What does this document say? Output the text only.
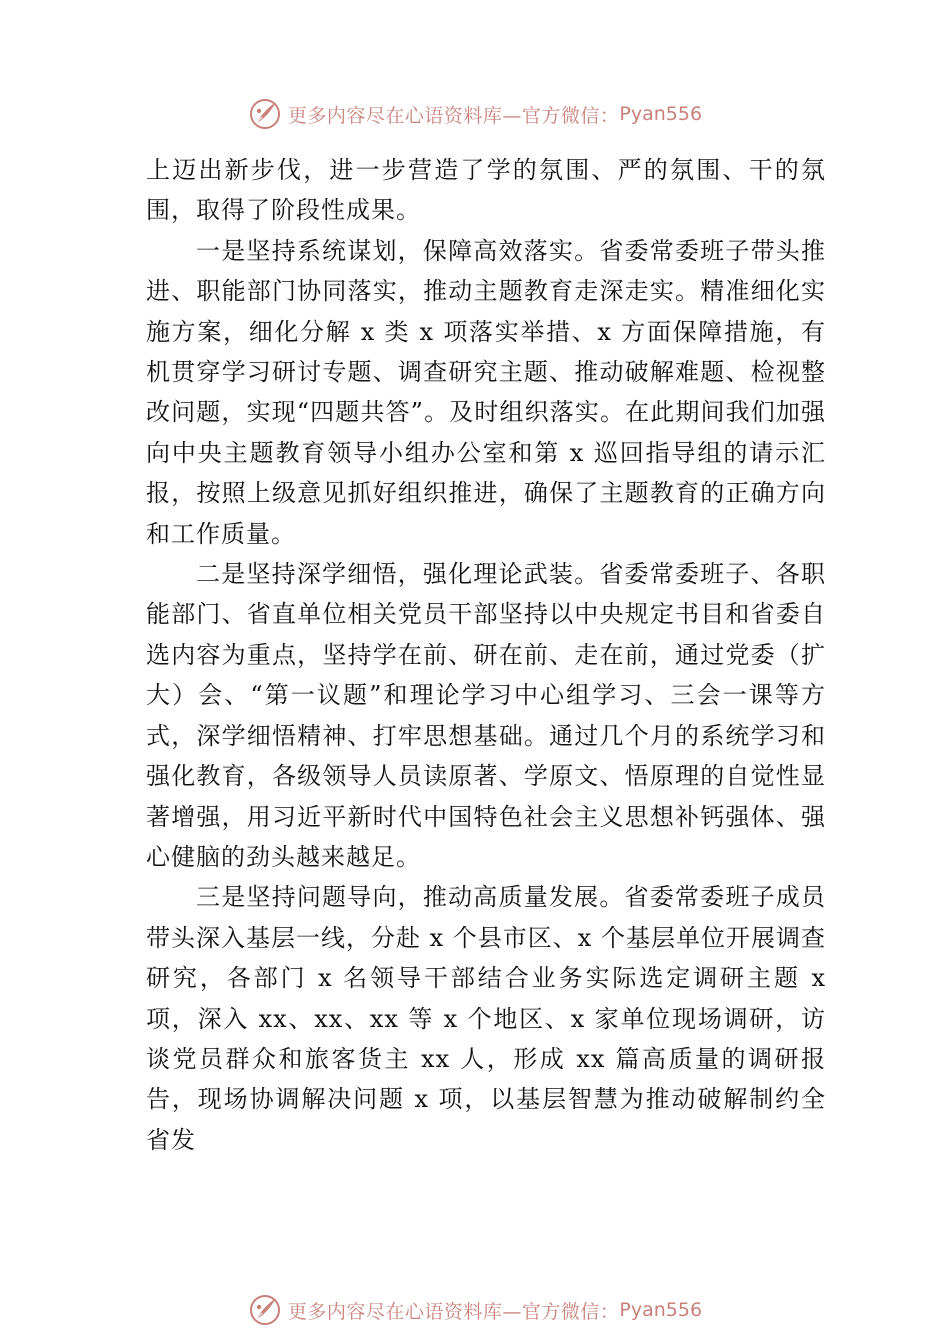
更多内容尽在心语资料库—官方微信： Pyan556

上迈出新步伐，进一步营造了学的氛围、严的氛围、干的氛围，取得了阶段性成果。

一是坚持系统谋划，保障高效落实。省委常委班子带头推进、职能部门协同落实，推动主题教育走深走实。精准细化实施方案，细化分解 x 类 x 项落实举措、x 方面保障措施，有机贯穿学习研讨专题、调查研究主题、推动破解难题、检视整改问题，实现“四题共答”。及时组织落实。在此期间我们加强向中央主题教育领导小组办公室和第 x 巡回指导组的请示汇报，按照上级意见抓好组织推进，确保了主题教育的正确方向和工作质量。

二是坚持深学细悟，强化理论武装。省委常委班子、各职能部门、省直单位相关党员干部坚持以中央规定书目和省委自选内容为重点，坚持学在前、研在前、走在前，通过党委（扩大）会、“第一议题”和理论学习中心组学习、三会一课等方式，深学细悟精神、打牢思想基础。通过几个月的系统学习和强化教育，各级领导人员读原著、学原文、悟原理的自觉性显著增强，用习近平新时代中国特色社会主义思想补钙强体、强心健脑的劲头越来越足。

三是坚持问题导向，推动高质量发展。省委常委班子成员带头深入基层一线，分赴 x 个县市区、x 个基层单位开展调查研究，各部门 x 名领导干部结合业务实际选定调研主题 x 项，深入 xx、xx、xx 等 x 个地区、x 家单位现场调研，访谈党员群众和旅客货主 xx 人，形成 xx 篇高质量的调研报告，现场协调解决问题 x 项，以基层智慧为推动破解制约全省发

更多内容尽在心语资料库—官方微信： Pyan556
